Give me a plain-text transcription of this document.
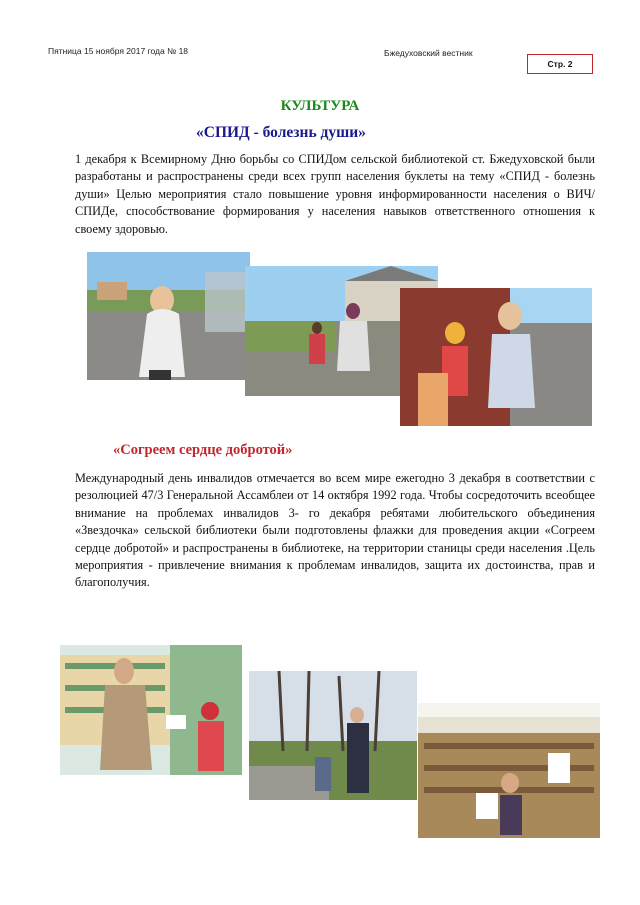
Пятница 15 ноября 2017 года № 18	Бжедуховский вестник
Стр. 2
КУЛЬТУРА
«СПИД - болезнь души»
1 декабря к Всемирному Дню борьбы со СПИДом сельской библиотекой ст. Бжедуховской были разработаны и распространены среди всех групп населения буклеты на тему «СПИД - болезнь души» Целью мероприятия стало повышение уровня информированности населения о ВИЧ/СПИДе, способствование формирования у населения навыков ответственного отношения к своему здоровью.
«Согреем сердце добротой»
Международный день инвалидов отмечается во всем мире ежегодно 3 декабря в соответствии с резолюцией 47/3 Генеральной Ассамблеи от 14 октября 1992 года. Чтобы сосредоточить всеобщее внимание на проблемах инвалидов 3- го декабря ребятами любительского объединения «Звездочка» сельской библиотеки были подготовлены флажки для проведения акции «Согреем сердце добротой» и распространены в библиотеке, на территории станицы среди населения .Цель мероприятия - привлечение внимания к проблемам инвалидов, защита их достоинства, прав и благополучия.
